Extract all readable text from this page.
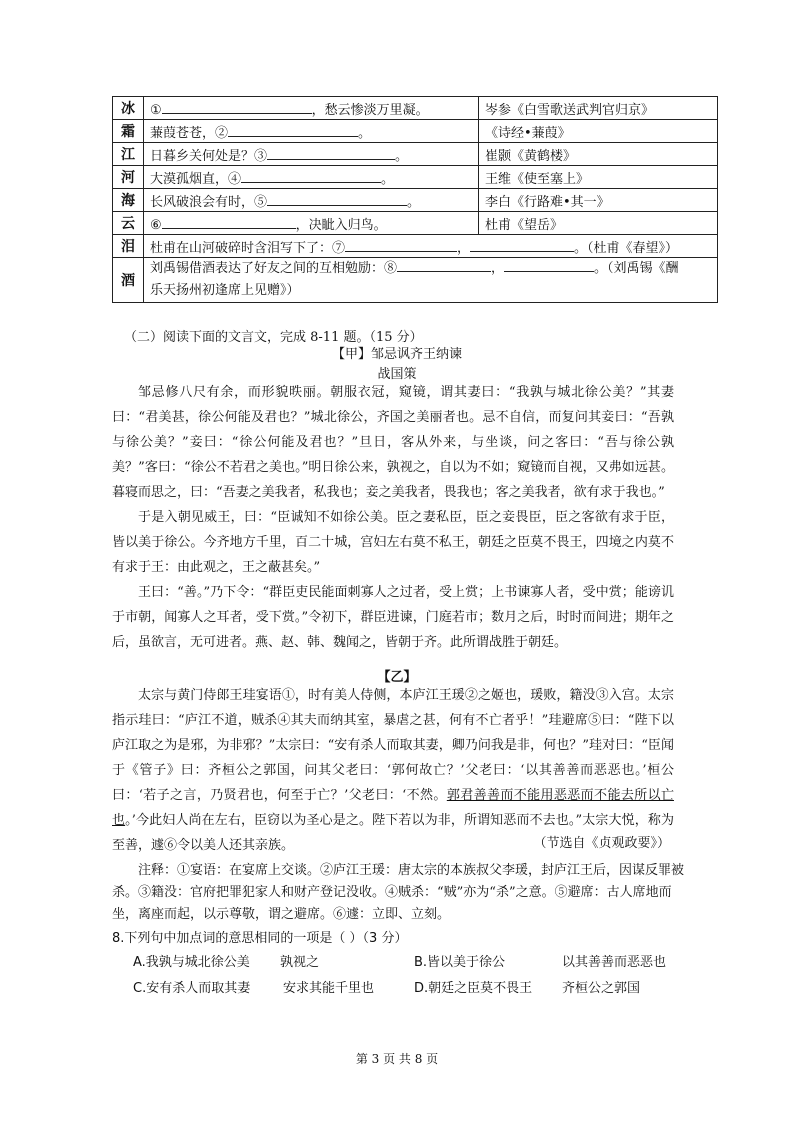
冰	① ，愁云惨淡万里凝。	岑参《白雪歌送武判官归京》
霜	蒹葭苍苍，② 。	《诗经•蒹葭》
江	日暮乡关何处是？③ 。	崔颢《黄鹤楼》
河	大漠孤烟直，④ 。	王维《使至塞上》
海	长风破浪会有时，⑤ 。	李白《行路难•其一》
云	⑥ ，决眦入归鸟。	杜甫《望岳》
泪	杜甫在山河破碎时含泪写下了：⑦ ， 。（杜甫《春望》）	
酒	刘禹锡借酒表达了好友之间的互相勉励：⑧ ， 。（刘禹锡《酬
乐天扬州初逢席上见赠》）	
（二）阅读下面的文言文，完成 8-11 题。（15 分）
【甲】邹忌讽齐王纳谏
战国策

邹忌修八尺有余，而形貌昳丽。朝服衣冠，窥镜，谓其妻曰：“我孰与城北徐公美？”其妻曰：“君美甚，徐公何能及君也？”城北徐公，齐国之美丽者也。忌不自信，而复问其妾曰：“吾孰与徐公美？”妾曰：“徐公何能及君也？”旦日，客从外来，与坐谈，问之客曰：“吾与徐公孰美？”客曰：“徐公不若君之美也。”明日徐公来，孰视之，自以为不如；窥镜而自视，又弗如远甚。暮寝而思之，曰：“吾妻之美我者，私我也；妾之美我者，畏我也；客之美我者，欲有求于我也。”

于是入朝见威王，曰：“臣诚知不如徐公美。臣之妻私臣，臣之妾畏臣，臣之客欲有求于臣，皆以美于徐公。今齐地方千里，百二十城，宫妇左右莫不私王，朝廷之臣莫不畏王，四境之内莫不有求于王：由此观之，王之蔽甚矣。”

王曰：“善。”乃下令：“群臣吏民能面刺寡人之过者，受上赏；上书谏寡人者，受中赏；能谤讥于市朝，闻寡人之耳者，受下赏。”令初下，群臣进谏，门庭若市；数月之后，时时而间进；期年之后，虽欲言，无可进者。燕、赵、韩、魏闻之，皆朝于齐。此所谓战胜于朝廷。

【乙】

太宗与黄门侍郎王珪宴语①，时有美人侍侧，本庐江王瑗②之姬也，瑗败，籍没③入宫。太宗指示珪曰：“庐江不道，贼杀④其夫而纳其室，暴虐之甚，何有不亡者乎！”珪避席⑤曰：“陛下以庐江取之为是邪，为非邪？”太宗曰：“安有杀人而取其妻，卿乃问我是非，何也？”珪对曰：“臣闻于《管子》曰：齐桓公之郭国，问其父老曰：‘郭何故亡？’父老曰：‘以其善善而恶恶也。’桓公曰：‘若子之言，乃贤君也，何至于亡？’父老曰：‘不然。郭君善善而不能用恶恶而不能去所以亡也。’今此妇人尚在左右，臣窃以为圣心是之。陛下若以为非，所谓知恶而不去也。”太宗大悦，称为至善，遽⑥令以美人还其亲族。	（节选自《贞观政要》）

注释：①宴语：在宴席上交谈。②庐江王瑗：唐太宗的本族叔父李瑗，封庐江王后，因谋反罪被杀。③籍没：官府把罪犯家人和财产登记没收。④贼杀：“贼”亦为“杀”之意。⑤避席：古人席地而坐，离座而起，以示尊敬，谓之避席。⑥遽：立即、立刻。

8.下列句中加点词的意思相同的一项是（ ）（3 分）
A.我孰与城北徐公美 孰视之	B.皆以美于徐公	以其善善而恶恶也
C.安有杀人而取其妻	安求其能千里也	D.朝廷之臣莫不畏王 齐桓公之郭国
第 3 页 共 8 页
